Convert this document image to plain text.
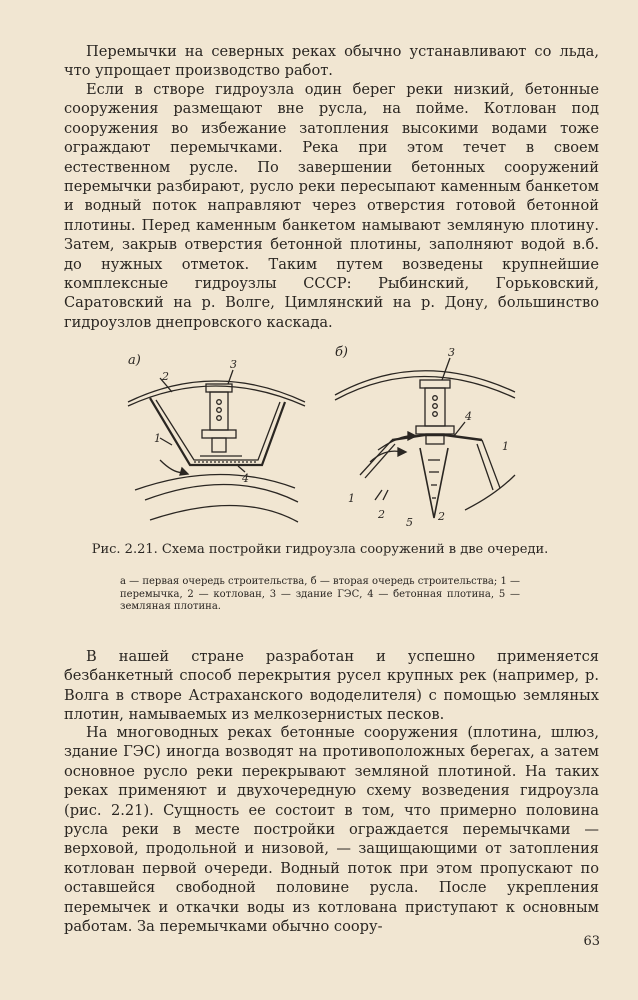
Перемычки на северных реках обычно устанавливают со льда, что упрощает производство работ.

Если в створе гидроузла один берег реки низкий, бетонные сооружения размещают вне русла, на пойме. Котлован под сооружения во избежание затопления высокими водами тоже ограждают перемычками. Река при этом течет в своем естественном русле. По завершении бетонных сооружений перемычки разбирают, русло реки пересыпают каменным банкетом и водный поток направляют через отверстия готовой бетонной плотины. Перед каменным банкетом намывают земляную плотину. Затем, закрыв отверстия бетонной плотины, заполняют водой в.б. до нужных отметок. Таким путем возведены крупнейшие комплексные гидроузлы СССР: Рыбинский, Горьковский, Саратовский на р. Волге, Цимлянский на р. Дону, большинство гидроузлов днепровского каскада.

а)
б)
1
2
3
4
1
1
2	2
3
4
5
Рис. 2.21. Схема постройки гидроузла сооружений в две очереди.
а — первая очередь строительства, б — вторая очередь строительства; 1 — перемычка, 2 — котлован, 3 — здание ГЭС, 4 — бетонная плотина, 5 — земляная плотина.

В нашей стране разработан и успешно применяется безбанкетный способ перекрытия русел крупных рек (например, р. Волга в створе Астраханского вододелителя) с помощью земляных плотин, намываемых из мелкозернистых песков.

На многоводных реках бетонные сооружения (плотина, шлюз, здание ГЭС) иногда возводят на противоположных берегах, а затем основное русло реки перекрывают земляной плотиной. На таких реках применяют и двухочередную схему возведения гидроузла (рис. 2.21). Сущность ее состоит в том, что примерно половина русла реки в месте постройки ограждается перемычками — верховой, продольной и низовой, — защищающими от затопления котлован первой очереди. Водный поток при этом пропускают по оставшейся свободной половине русла. После укрепления перемычек и откачки воды из котлована приступают к основным работам. За перемычками обычно соору-

63
